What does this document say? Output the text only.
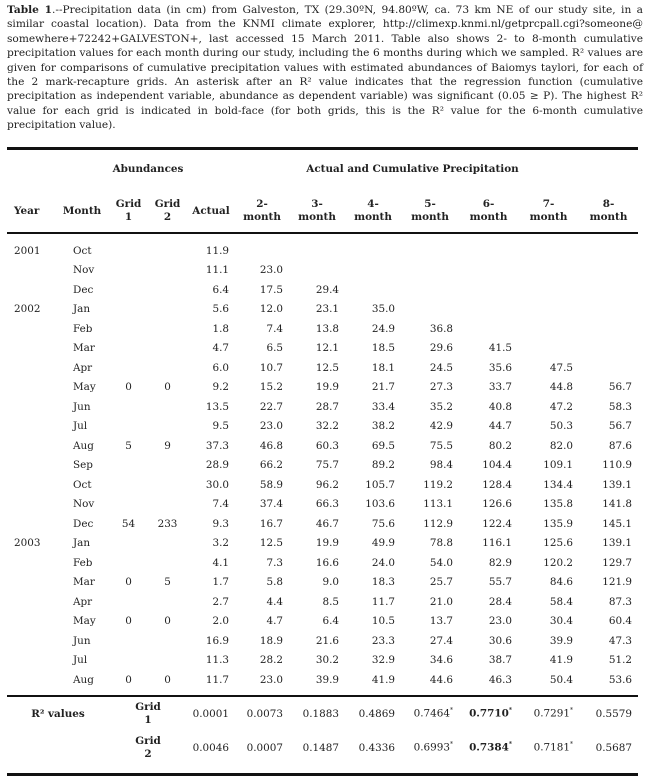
Table 1.--Precipitation data (in cm) from Galveston, TX (29.30ºN, 94.80ºW, ca. 73 km NE of our study site, in a similar coastal location). Data from the KNMI climate explorer, http://climexp.knmi.nl/getprcpall.cgi?someone@ somewhere+72242+GALVESTON+, last accessed 15 March 2011. Table also shows 2- to 8-month cumulative precipitation values for each month during our study, including the 6 months during which we sampled. R² values are given for comparisons of cumulative precipitation values with estimated abundances of Baiomys taylori, for each of the 2 mark-recapture grids. An asterisk after an R² value indicates that the regression function (cumulative precipitation as independent variable, abundance as dependent variable) was significant (0.05 ≥ P). The highest R² value for each grid is indicated in bold-face (for both grids, this is the R² value for the 6-month cumulative precipitation value).
		Abundances		Actual and Cumulative Precipitation							
Year	Month	Grid 1	Grid 2	Actual	2-month	3-month	4-month	5-month	6-month	7-month	8-month

2001	Oct			11.9							
	Nov			11.1	23.0						
	Dec			6.4	17.5	29.4					
2002	Jan			5.6	12.0	23.1	35.0				
	Feb			1.8	7.4	13.8	24.9	36.8			
	Mar			4.7	6.5	12.1	18.5	29.6	41.5		
	Apr			6.0	10.7	12.5	18.1	24.5	35.6	47.5	
	May	0	0	9.2	15.2	19.9	21.7	27.3	33.7	44.8	56.7
	Jun			13.5	22.7	28.7	33.4	35.2	40.8	47.2	58.3
	Jul			9.5	23.0	32.2	38.2	42.9	44.7	50.3	56.7
	Aug	5	9	37.3	46.8	60.3	69.5	75.5	80.2	82.0	87.6
	Sep			28.9	66.2	75.7	89.2	98.4	104.4	109.1	110.9
	Oct			30.0	58.9	96.2	105.7	119.2	128.4	134.4	139.1
	Nov			7.4	37.4	66.3	103.6	113.1	126.6	135.8	141.8
	Dec	54	233	9.3	16.7	46.7	75.6	112.9	122.4	135.9	145.1
2003	Jan			3.2	12.5	19.9	49.9	78.8	116.1	125.6	139.1
	Feb			4.1	7.3	16.6	24.0	54.0	82.9	120.2	129.7
	Mar	0	5	1.7	5.8	9.0	18.3	25.7	55.7	84.6	121.9
	Apr			2.7	4.4	8.5	11.7	21.0	28.4	58.4	87.3
	May	0	0	2.0	4.7	6.4	10.5	13.7	23.0	30.4	60.4
	Jun			16.9	18.9	21.6	23.3	27.4	30.6	39.9	47.3
	Jul			11.3	28.2	30.2	32.9	34.6	38.7	41.9	51.2
	Aug	0	0	11.7	23.0	39.9	41.9	44.6	46.3	50.4	53.6

R² values		Grid 1		0.0001	0.0073	0.1883	0.4869	0.7464*	0.7710*	0.7291*	0.5579

		Grid 2		0.0046	0.0007	0.1487	0.4336	0.6993*	0.7384*	0.7181*	0.5687
